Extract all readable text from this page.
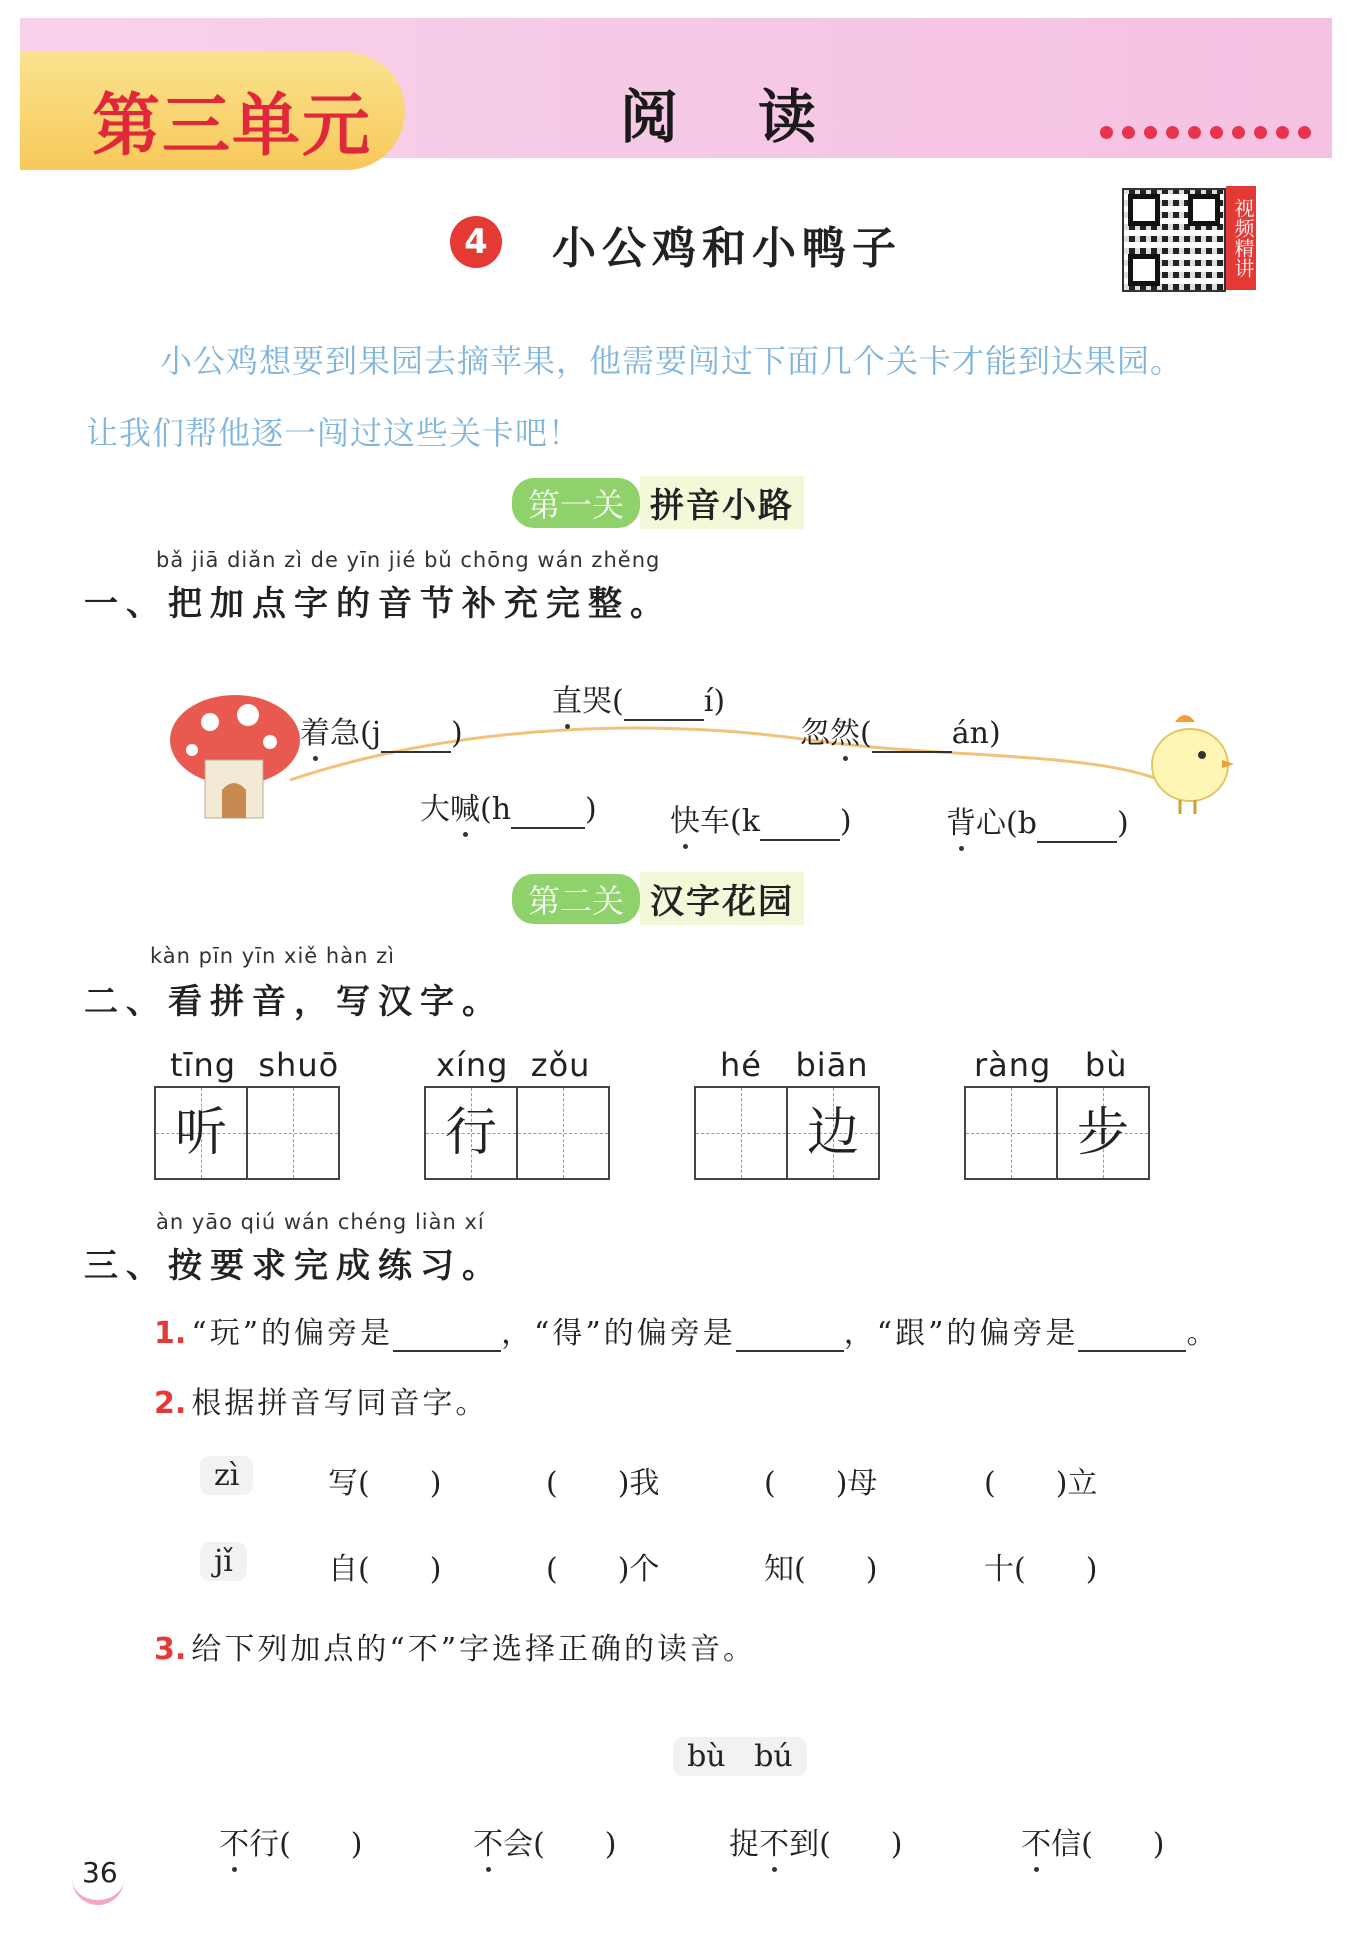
第三单元	阅读
4	小公鸡和小鸭子	视频精讲
小公鸡想要到果园去摘苹果，他需要闯过下面几个关卡才能到达果园。
让我们帮他逐一闯过这些关卡吧！
第一关 拼音小路
bǎ jiā diǎn zì de yīn jié bǔ chōng wán zhěng
一、把加点字的音节补充完整。
着急(j )
直哭(	í)
忽然(	án)
大喊(h ) 快车(k	)	背心(b	)
第二关 汉字花园
kàn pīn yīn xiě hàn zì
二、看拼音，写汉字。
tīng  shuō
听
xíng  zǒu
行
hé   biān
边
ràng   bù
步
àn yāo qiú wán chéng liàn xí
三、按要求完成练习。
1. “玩”的偏旁是	，“得”的偏旁是	，“跟”的偏旁是	。
2. 根据拼音写同音字。
zì	写(　　)	(　　)我	(　　)母	(　　)立
jǐ	自(　　)	(　　)个	知(　　)	十(　　)
3. 给下列加点的“不”字选择正确的读音。

bù   bú

不行(　　)	不会(　　)	捉不到(　　)	不信(　　)

36
